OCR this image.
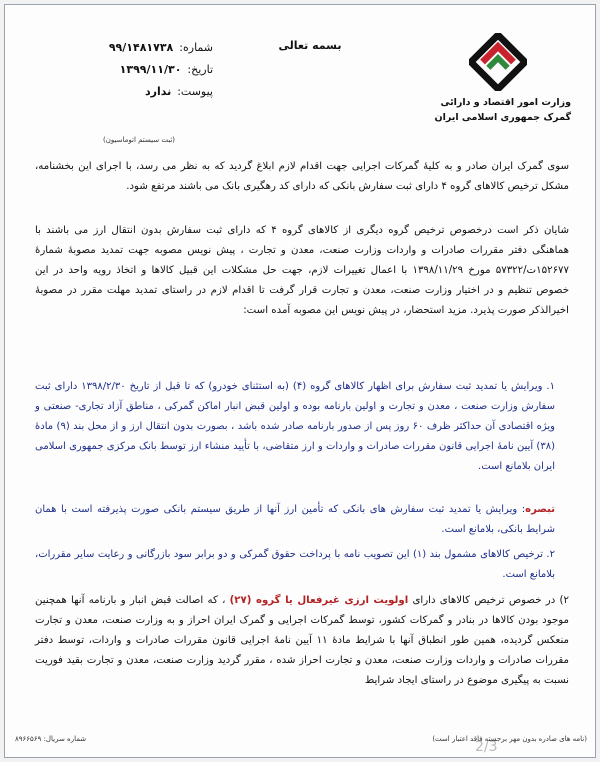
شماره:
۹۹/۱۴۸۱۷۳۸
تاریخ:
۱۳۹۹/۱۱/۳۰
پیوست:
ندارد
بسمه تعالی
وزارت امور اقتصاد و دارائی
گمرک جمهوری اسلامی ایران
(ثبت سیستم اتوماسیون)
سوی گمرک ایران صادر و به کلیهٔ گمرکات اجرایی جهت اقدام لازم ابلاغ گردید که به نظر می رسد، با اجرای این بخشنامه، مشکل ترخیص کالاهای گروه ۴ دارای ثبت سفارش بانکی که دارای کد رهگیری بانک می باشند مرتفع شود.
شایان ذکر است درخصوص ترخیص گروه دیگری از کالاهای گروه ۴ که دارای ثبت سفارش بدون انتقال ارز می باشند با هماهنگی دفتر مقررات صادرات و واردات وزارت صنعت، معدن و تجارت ، پیش نویس مصوبه جهت تمدید مصوبهٔ شمارهٔ ۱۵۲۶۷۷ت/۵۷۳۲۲ مورخ ۱۳۹۸/۱۱/۲۹ با اعمال تغییرات لازم، جهت حل مشکلات این قبیل کالاها و اتخاذ رویه واحد در این خصوص تنظیم و در اختیار وزارت صنعت، معدن و تجارت قرار گرفت تا اقدام لازم در راستای تمدید مهلت مقرر در مصوبهٔ اخیرالذکر صورت پذیرد. مزید استحضار، در پیش نویس این مصوبه آمده است:
۱. ویرایش یا تمدید ثبت سفارش برای اظهار کالاهای گروه (۴) (به استثنای خودرو) که تا قبل از تاریخ ۱۳۹۸/۲/۳۰ دارای ثبت سفارش وزارت صنعت ، معدن و تجارت و اولین بارنامه بوده و اولین قبض انبار اماکن گمرکی ، مناطق آزاد تجاری- صنعتی و ویژه اقتصادی آن حداکثر ظرف ۶۰ روز پس از صدور بارنامه صادر شده باشد ، بصورت بدون انتقال ارز و از محل بند (۹) مادهٔ (۳۸) آیین نامهٔ اجرایی قانون مقررات صادرات و واردات و ارز متقاضی، با تأیید منشاء ارز توسط بانک مرکزی جمهوری اسلامی ایران بلامانع است.
تبصره: ویرایش یا تمدید ثبت سفارش های بانکی که تأمین ارز آنها از طریق سیستم بانکی صورت پذیرفته است با همان شرایط بانکی، بلامانع است.
۲. ترخیص کالاهای مشمول بند (۱) این تصویب نامه با پرداخت حقوق گمرکی و دو برابر سود بازرگانی و رعایت سایر مقررات، بلامانع است.
۲) در خصوص ترخیص کالاهای دارای اولویت ارزی غیرفعال یا گروه (۲۷) ، که اصالت قبض انبار و بارنامه آنها همچنین موجود بودن کالاها در بنادر و گمرکات کشور، توسط گمرکات اجرایی و گمرک ایران احراز و به وزارت صنعت، معدن و تجارت منعکس گردیده، همین طور انطباق آنها با شرایط مادهٔ ۱۱ آیین نامهٔ اجرایی قانون مقررات صادرات و واردات، توسط دفتر مقررات صادرات و واردات وزارت صنعت، معدن و تجارت احراز شده ، مقرر گردید وزارت صنعت، معدن و تجارت بقید فوریت نسبت به پیگیری موضوع در راستای ایجاد شرایط
2/3
(نامه های صادره بدون مهر برجسته فاقد اعتبار است)
شماره سریال: ۸۹۶۶۵۶۹
